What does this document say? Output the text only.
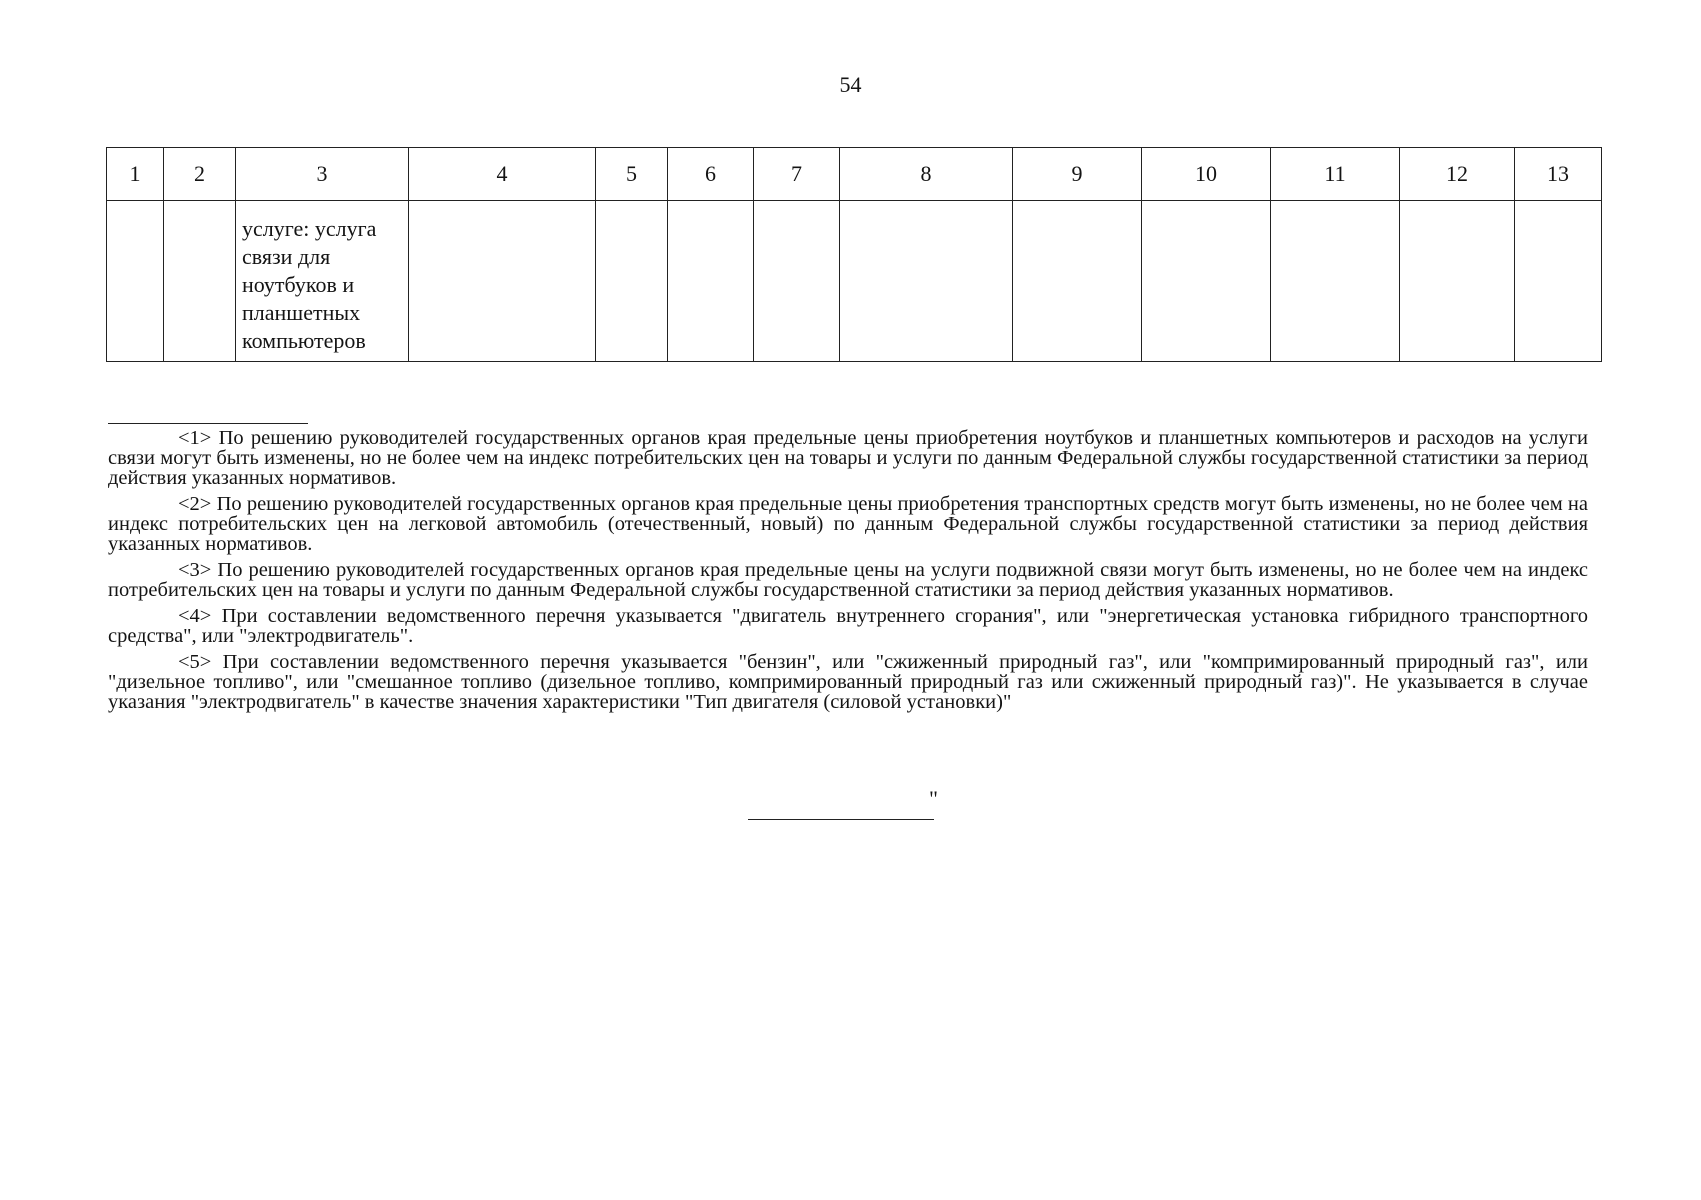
54
1	2	3	4	5	6	7	8	9	10	11	12	13

		услуге: услуга
связи для
ноутбуков и
планшетных
компьютеров										

<1> По решению руководителей государственных органов края предельные цены приобретения ноутбуков и планшетных компьютеров и расходов на услуги связи могут быть изменены, но не более чем на индекс потребительских цен на товары и услуги по данным Федеральной службы государственной статистики за период действия указанных нормативов.

<2> По решению руководителей государственных органов края предельные цены приобретения транспортных средств могут быть изменены, но не более чем на индекс потребительских цен на легковой автомобиль (отечественный, новый) по данным Федеральной службы государственной статистики за период действия указанных нормативов.

<3> По решению руководителей государственных органов края предельные цены на услуги подвижной связи могут быть изменены, но не более чем на индекс потребительских цен на товары и услуги по данным Федеральной службы государственной статистики за период действия указанных нормативов.

<4> При составлении ведомственного перечня указывается "двигатель внутреннего сгорания", или "энергетическая установка гибридного транспортного средства", или "электродвигатель".

<5> При составлении ведомственного перечня указывается "бензин", или "сжиженный природный газ", или "компримированный природный газ", или "дизельное топливо", или "смешанное топливо (дизельное топливо, компримированный природный газ или сжиженный природный газ)". Не указывается в случае указания "электродвигатель" в качестве значения характеристики "Тип двигателя (силовой установки)"

"
